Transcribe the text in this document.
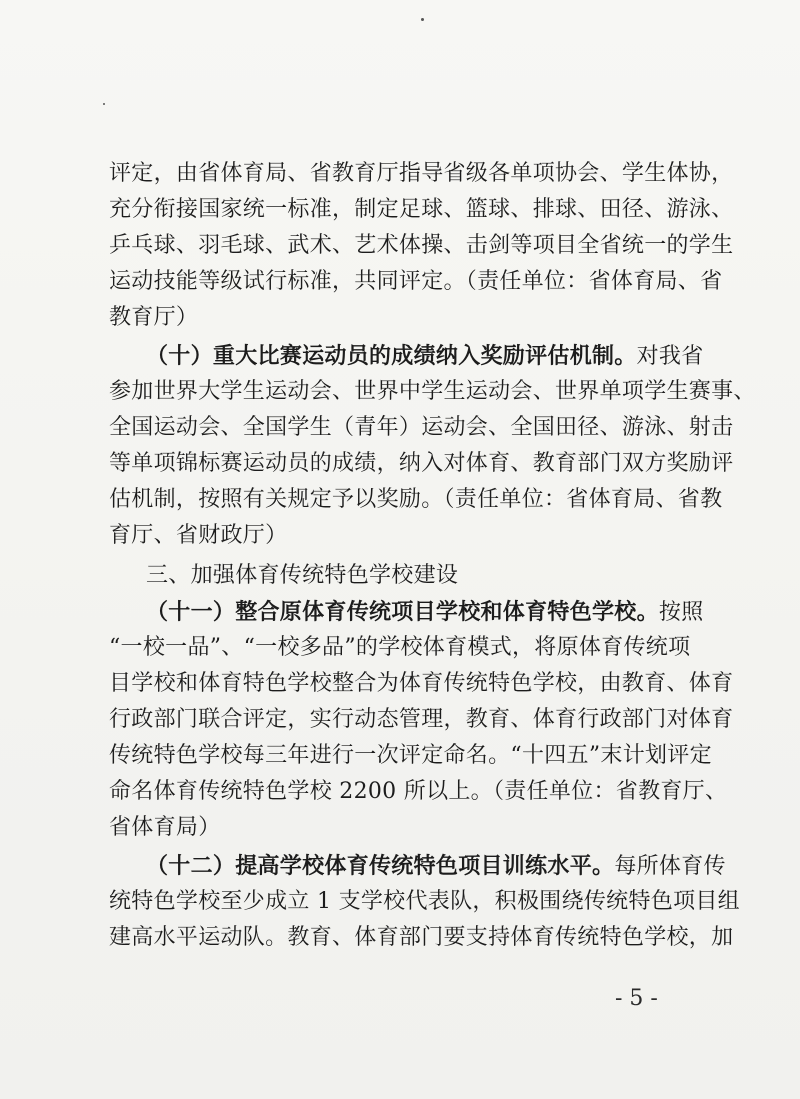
评定，由省体育局、省教育厅指导省级各单项协会、学生体协，
充分衔接国家统一标准，制定足球、篮球、排球、田径、游泳、
乒乓球、羽毛球、武术、艺术体操、击剑等项目全省统一的学生
运动技能等级试行标准，共同评定。（责任单位：省体育局、省
教育厅）
（十）重大比赛运动员的成绩纳入奖励评估机制。对我省
参加世界大学生运动会、世界中学生运动会、世界单项学生赛事、
全国运动会、全国学生（青年）运动会、全国田径、游泳、射击
等单项锦标赛运动员的成绩，纳入对体育、教育部门双方奖励评
估机制，按照有关规定予以奖励。（责任单位：省体育局、省教
育厅、省财政厅）
三、加强体育传统特色学校建设
（十一）整合原体育传统项目学校和体育特色学校。按照
“一校一品”、“一校多品”的学校体育模式，将原体育传统项
目学校和体育特色学校整合为体育传统特色学校，由教育、体育
行政部门联合评定，实行动态管理，教育、体育行政部门对体育
传统特色学校每三年进行一次评定命名。“十四五”末计划评定
命名体育传统特色学校 2200 所以上。（责任单位：省教育厅、
省体育局）
（十二）提高学校体育传统特色项目训练水平。每所体育传
统特色学校至少成立 1 支学校代表队，积极围绕传统特色项目组
建高水平运动队。教育、体育部门要支持体育传统特色学校，加
- 5 -
